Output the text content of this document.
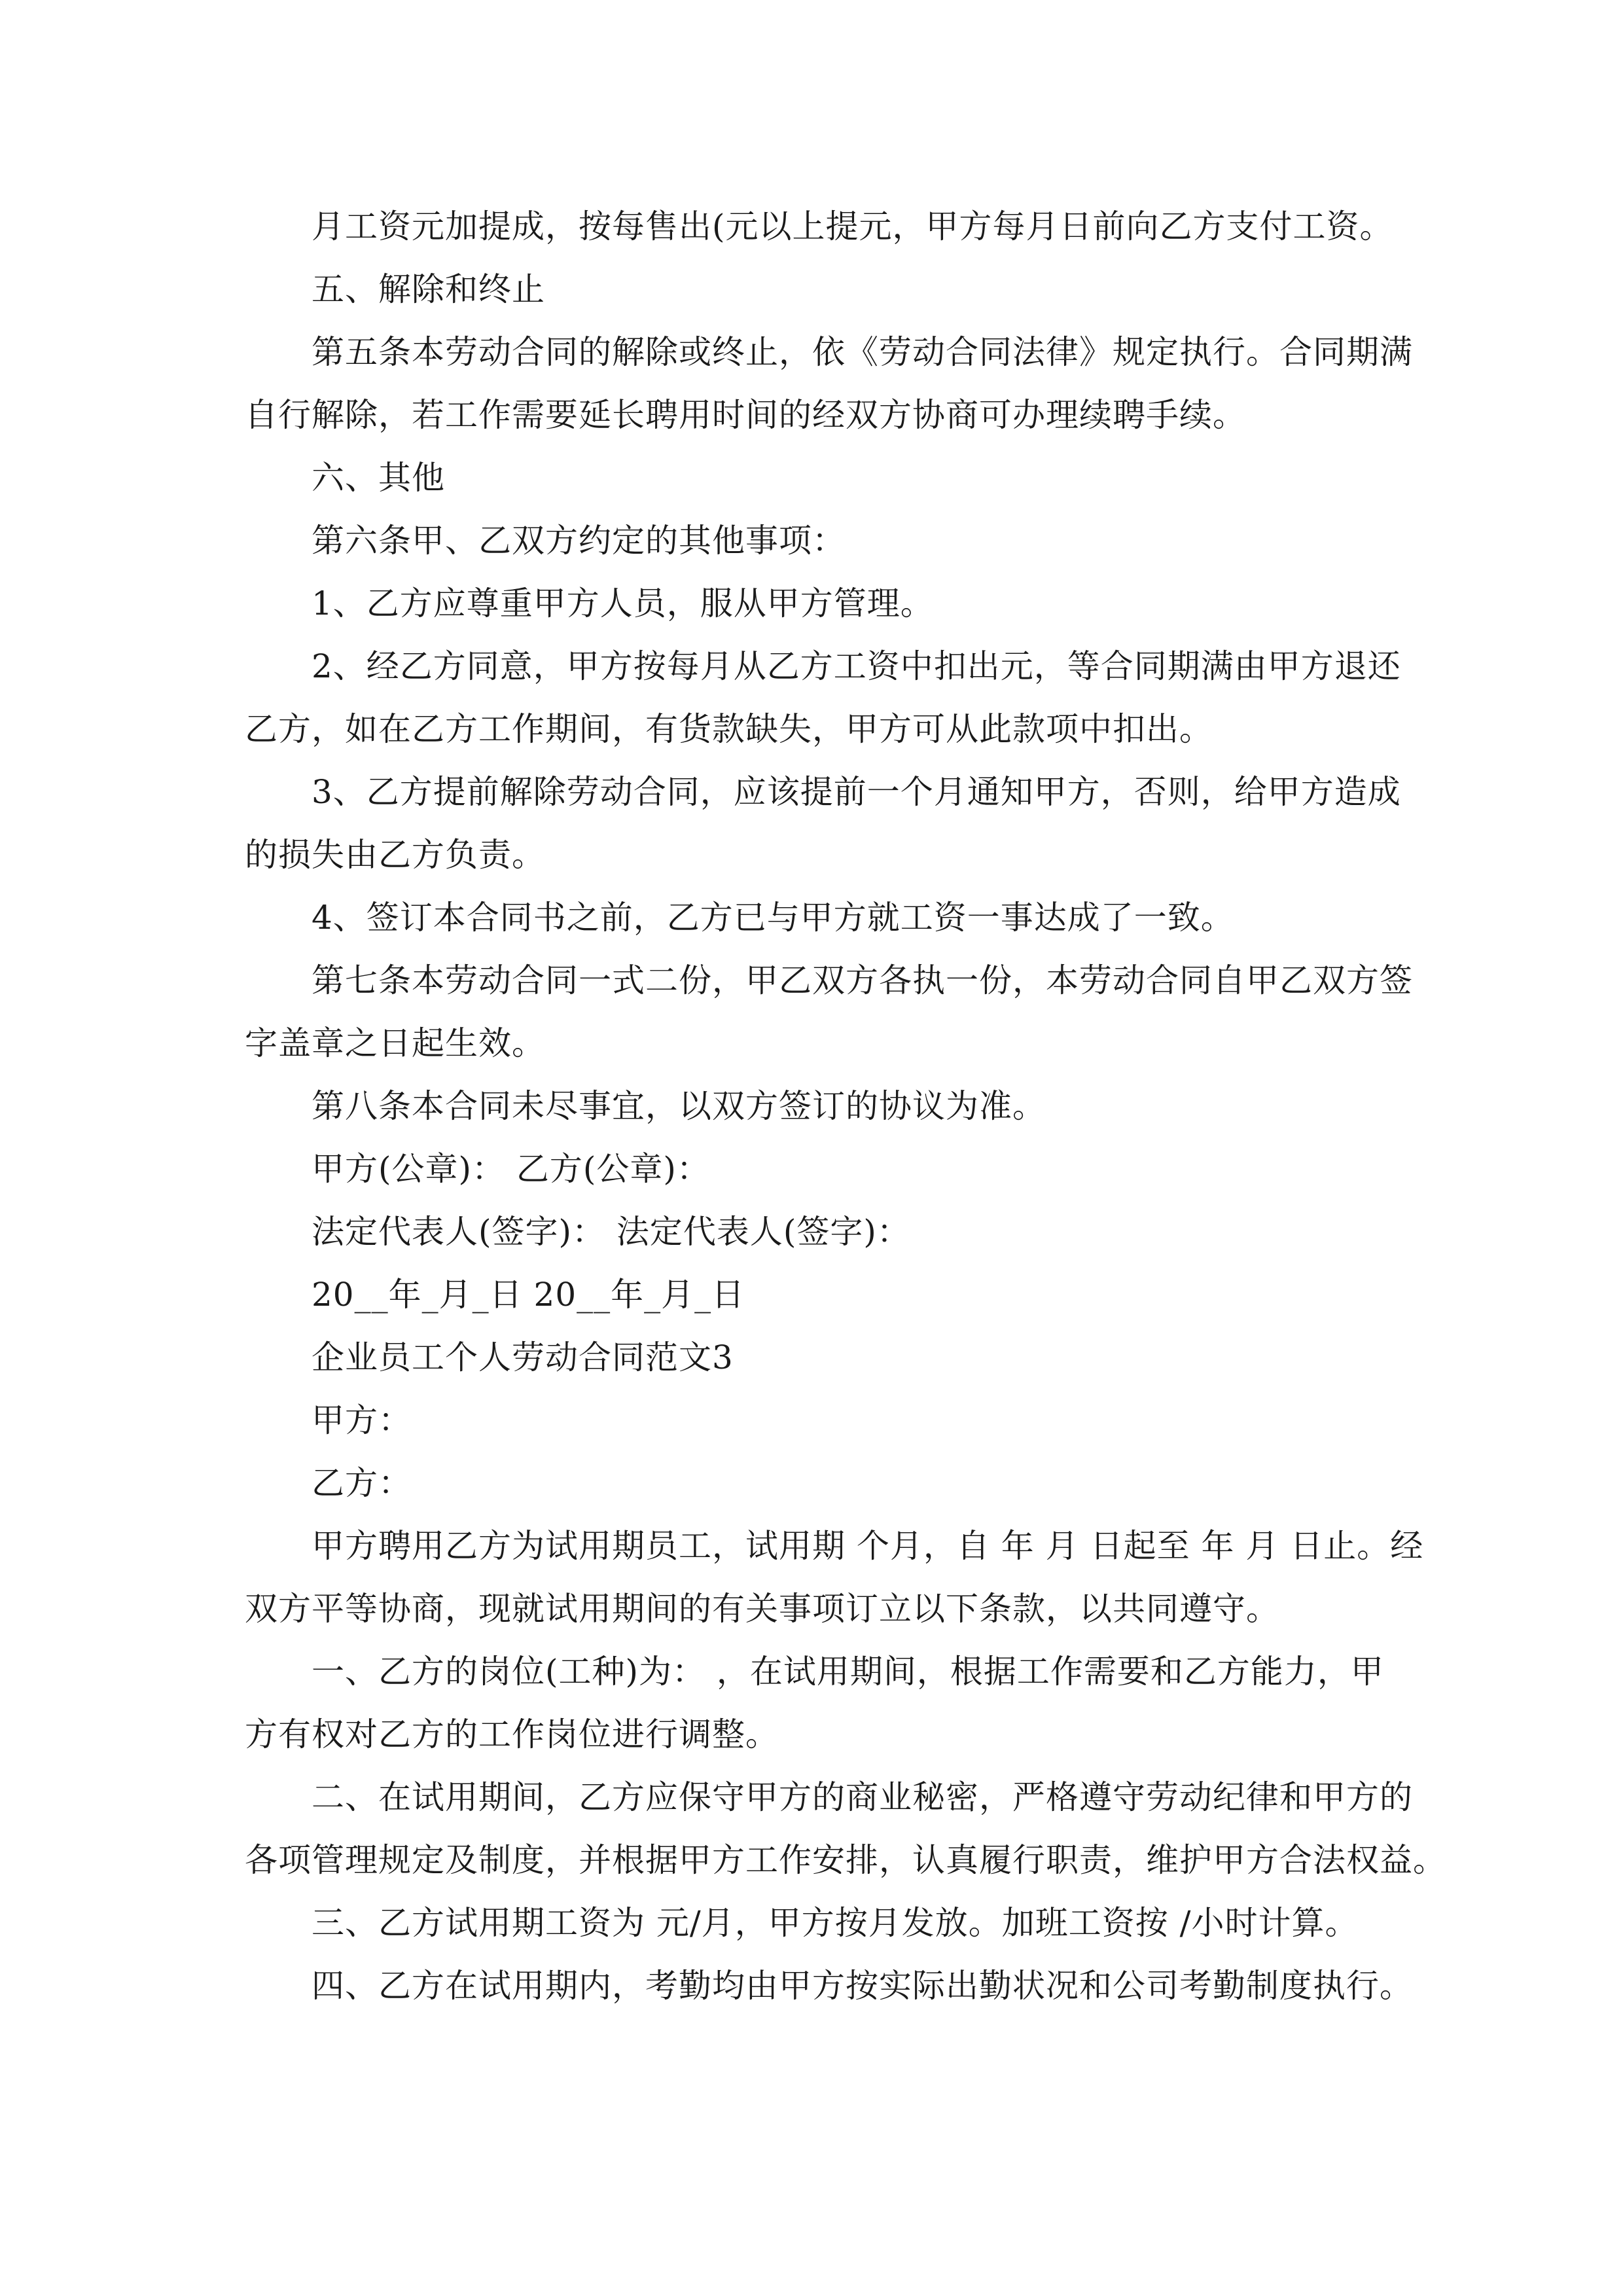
月工资元加提成，按每售出(元以上提元，甲方每月日前向乙方支付工资。

五、解除和终止

第五条本劳动合同的解除或终止，依《劳动合同法律》规定执行。合同期满

自行解除，若工作需要延长聘用时间的经双方协商可办理续聘手续。

六、其他

第六条甲、乙双方约定的其他事项：

1、乙方应尊重甲方人员，服从甲方管理。

2、经乙方同意，甲方按每月从乙方工资中扣出元，等合同期满由甲方退还

乙方，如在乙方工作期间，有货款缺失，甲方可从此款项中扣出。

3、乙方提前解除劳动合同，应该提前一个月通知甲方，否则，给甲方造成

的损失由乙方负责。

4、签订本合同书之前，乙方已与甲方就工资一事达成了一致。

第七条本劳动合同一式二份，甲乙双方各执一份，本劳动合同自甲乙双方签

字盖章之日起生效。

第八条本合同未尽事宜，以双方签订的协议为准。

甲方(公章)： 乙方(公章)：

法定代表人(签字)： 法定代表人(签字)：

20__年_月_日 20__年_月_日

企业员工个人劳动合同范文3

甲方：

乙方：

甲方聘用乙方为试用期员工，试用期 个月，自 年 月 日起至 年 月 日止。经

双方平等协商，现就试用期间的有关事项订立以下条款，以共同遵守。

一、乙方的岗位(工种)为： ，在试用期间，根据工作需要和乙方能力，甲

方有权对乙方的工作岗位进行调整。

二、在试用期间，乙方应保守甲方的商业秘密，严格遵守劳动纪律和甲方的

各项管理规定及制度，并根据甲方工作安排，认真履行职责，维护甲方合法权益。

三、乙方试用期工资为 元/月，甲方按月发放。加班工资按 /小时计算。

四、乙方在试用期内，考勤均由甲方按实际出勤状况和公司考勤制度执行。
